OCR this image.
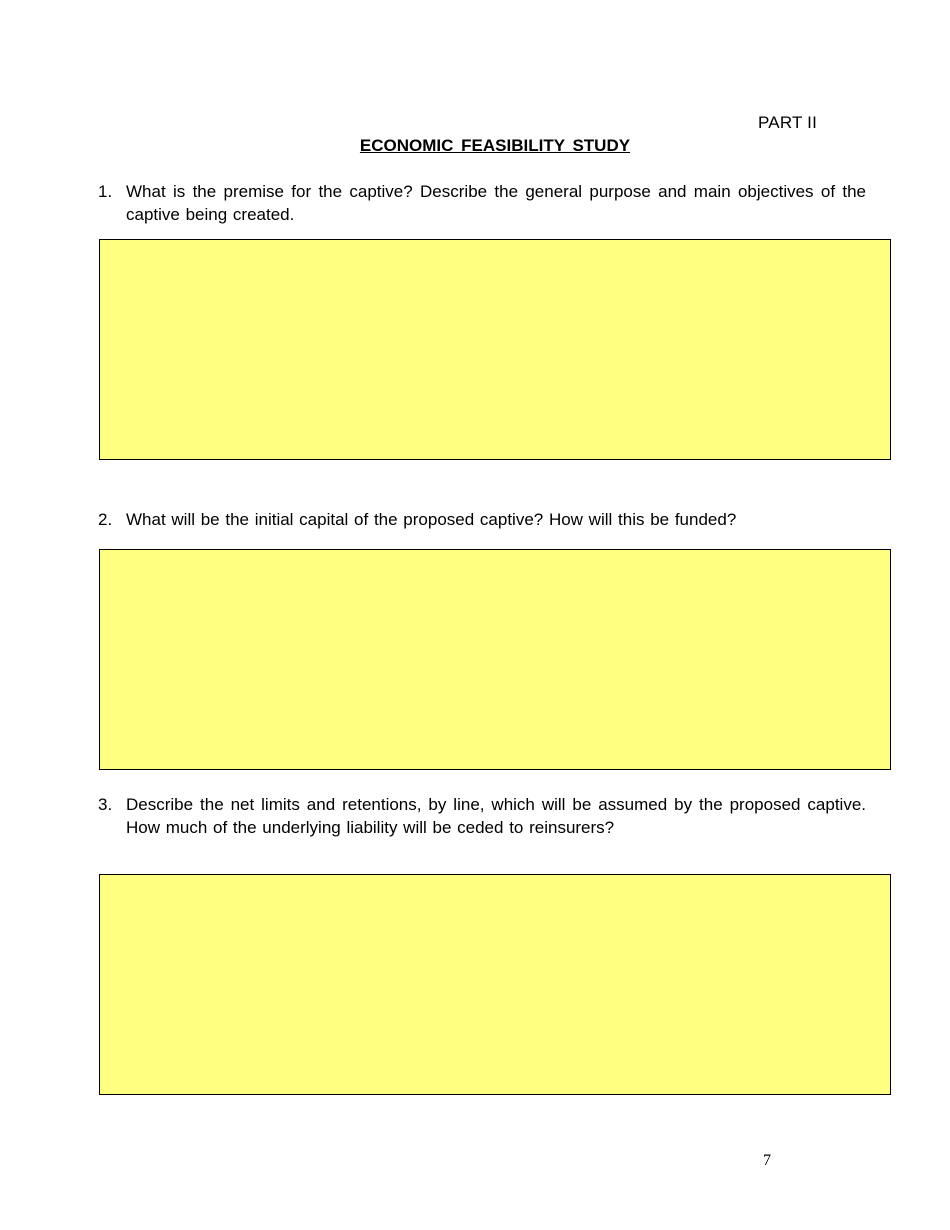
PART II
ECONOMIC FEASIBILITY STUDY
1. What is the premise for the captive? Describe the general purpose and main objectives of the captive being created.
2. What will be the initial capital of the proposed captive? How will this be funded?
3. Describe the net limits and retentions, by line, which will be assumed by the proposed captive. How much of the underlying liability will be ceded to reinsurers?
7
